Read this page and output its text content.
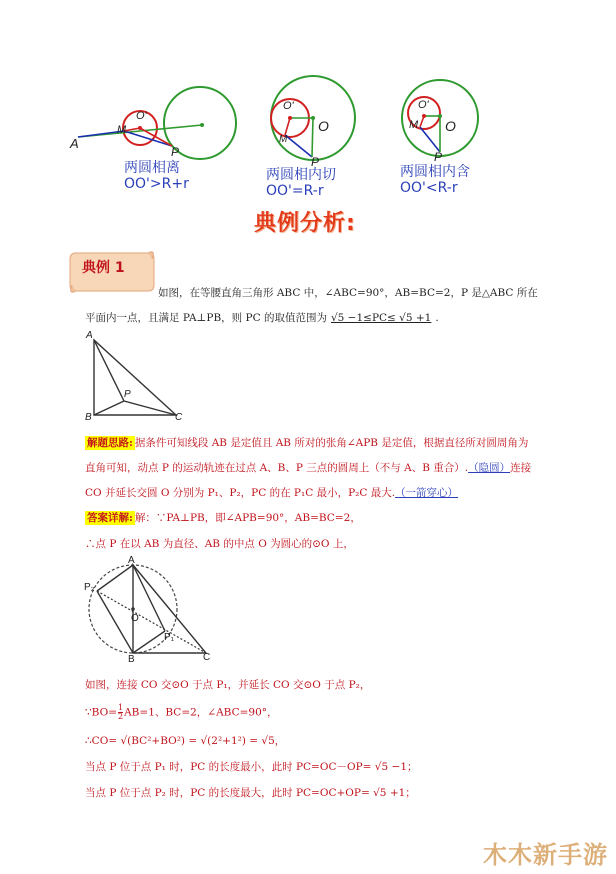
A
M
O'
P
两圆相离
OO'>R+r
O'
M
O
P
两圆相内切
OO'=R-r
O'
M O
P
两圆相内含
OO'<R-r
典例分析:
典例 1
如图，在等腰直角三角形 ABC 中，∠ABC=90°，AB=BC=2，P 是△ABC 所在
平面内一点，且满足 PA⊥PB，则 PC 的取值范围为 √5 −1≤PC≤ √5 +1 .
A
B	C
P
解题思路: 据条件可知线段 AB 是定值且 AB 所对的张角∠APB 是定值，根据直径所对圆周角为
直角可知，动点 P 的运动轨迹在过点 A、B、P 三点的圆周上（不与 A、B 重合）.（隐圆）连接
CO 并延长交圆 O 分别为 P₁、P₂，PC 的在 P₁C 最小，P₂C 最大.（一箭穿心）
答案详解: 解：∵PA⊥PB，即∠APB=90°，AB=BC=2，
∴点 P 在以 AB 为直径、AB 的中点 O 为圆心的⊙O 上，
A
P₂
O
P₁
B	C
如图，连接 CO 交⊙O 于点 P₁，并延长 CO 交⊙O 于点 P₂，
∵BO= $\frac{1}{2} AB=1$、BC=2，∠ABC=90°，
∴CO= √(BC²+BO²) = √(2²+1²) = √5，
当点 P 位于点 P₁ 时，PC 的长度最小，此时 PC=OC－OP= √5 −1；
当点 P 位于点 P₂ 时，PC 的长度最大，此时 PC=OC+OP= √5 +1；
木木新手游
